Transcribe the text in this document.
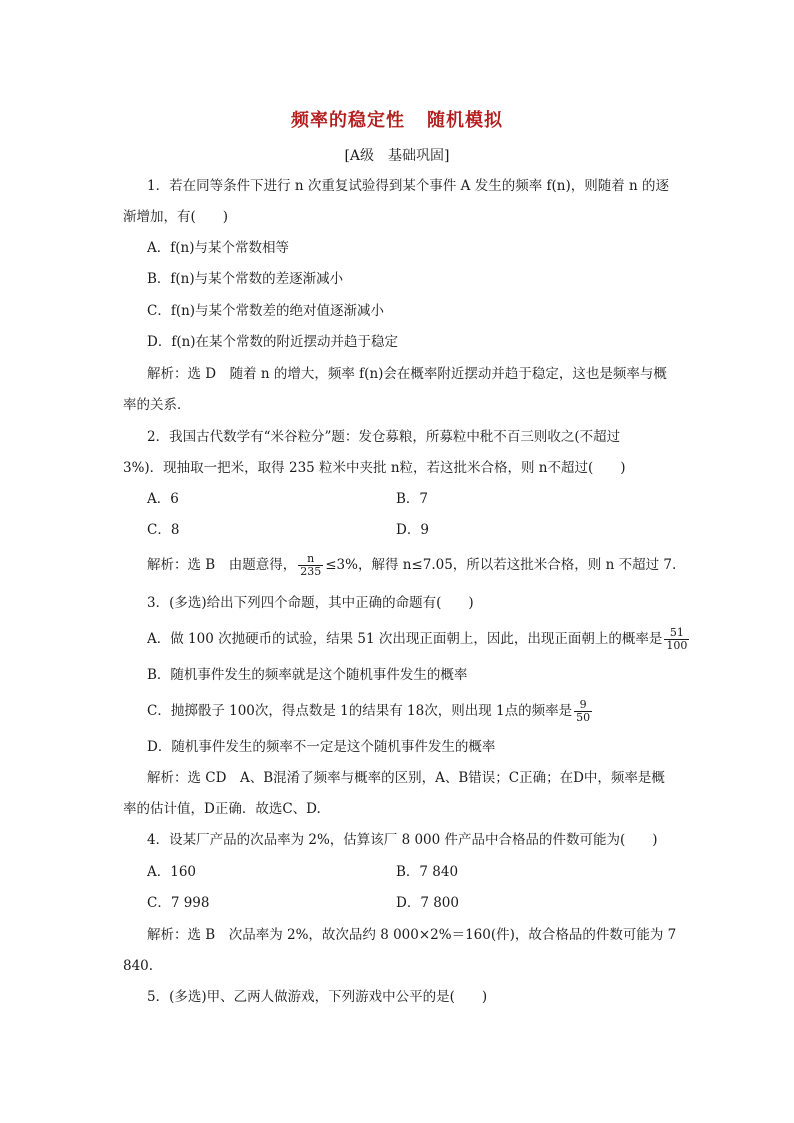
频率的稳定性 随机模拟
[A级　基础巩固]
1．若在同等条件下进行 n 次重复试验得到某个事件 A 发生的频率 f(n)，则随着 n 的逐
渐增加，有(　　)
A．f(n)与某个常数相等
B．f(n)与某个常数的差逐渐减小
C．f(n)与某个常数差的绝对值逐渐减小
D．f(n)在某个常数的附近摆动并趋于稳定
解析：选 D　随着 n 的增大，频率 f(n)会在概率附近摆动并趋于稳定，这也是频率与概
率的关系．
2．我国古代数学有“米谷粒分”题：发仓募粮，所募粒中秕不百三则收之(不超过
3%)．现抽取一把米，取得 235 粒米中夹批 n粒，若这批米合格，则 n不超过(　　)
A．6	B．7
C．8	D．9
解析：选 B　由题意得， $\frac{n}{235} \le 3\%$，解得 n≤7.05，所以若这批米合格，则 n 不超过 7.
3．(多选)给出下列四个命题，其中正确的命题有(　　)
A．做 100 次抛硬币的试验，结果 51 次出现正面朝上，因此，出现正面朝上的概率是 $\frac{51}{100}$
B．随机事件发生的频率就是这个随机事件发生的概率
C．抛掷骰子 100次，得点数是 1的结果有 18次，则出现 1点的频率是 $\frac{9}{50}$
D．随机事件发生的频率不一定是这个随机事件发生的概率
解析：选 CD　A、B混淆了频率与概率的区别，A、B错误；C正确；在D中，频率是概
率的估计值，D正确．故选C、D.
4．设某厂产品的次品率为 2%，估算该厂 8 000 件产品中合格品的件数可能为(　　)
A．160	B．7 840
C．7 998	D．7 800
解析：选 B　次品率为 2%，故次品约 8 000×2%＝160(件)，故合格品的件数可能为 7
840.
5．(多选)甲、乙两人做游戏，下列游戏中公平的是(　　)
